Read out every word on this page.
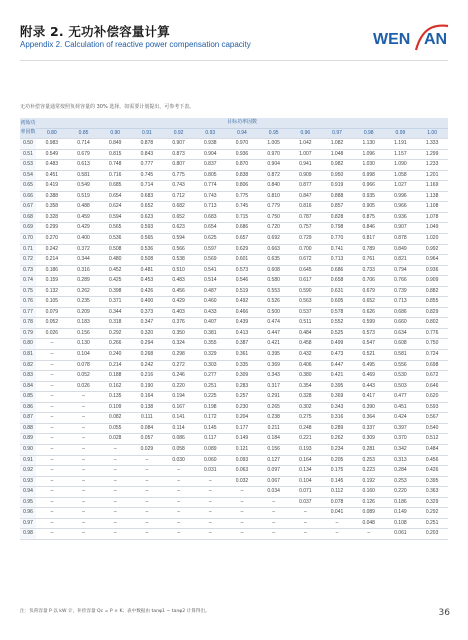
附录 2. 无功补偿容量计算
Appendix 2. Calculation of reactive power compensation capacity	WEN AN
无功补偿容量通常按照负荷容量的 30% 选择。如需要计划提出，可参考下表。
初始功率因数	目标功率因数												
	0.80	0.85	0.90	0.91	0.92	0.93	0.94	0.95	0.96	0.97	0.98	0.99	1.00
0.50	0.983	0.714	0.849	0.878	0.907	0.938	0.970	1.005	1.042	1.082	1.130	1.191	1.333
0.51	0.549	0.679	0.815	0.843	0.873	0.904	0.936	0.970	1.007	1.048	1.096	1.157	1.299
0.53	0.483	0.613	0.748	0.777	0.807	0.837	0.870	0.904	0.941	0.982	1.030	1.090	1.233
0.54	0.451	0.581	0.716	0.745	0.775	0.805	0.838	0.872	0.909	0.950	0.998	1.058	1.201
0.65	0.419	0.549	0.685	0.714	0.743	0.774	0.806	0.840	0.877	0.919	0.966	1.027	1.169
0.66	0.388	0.519	0.654	0.683	0.712	0.743	0.775	0.810	0.847	0.888	0.935	0.996	1.138
0.67	0.358	0.488	0.624	0.652	0.682	0.713	0.745	0.779	0.816	0.857	0.905	0.966	1.108
0.68	0.328	0.459	0.594	0.623	0.652	0.683	0.715	0.750	0.787	0.828	0.875	0.936	1.078
0.69	0.299	0.429	0.565	0.593	0.623	0.654	0.686	0.720	0.757	0.798	0.846	0.907	1.049
0.70	0.270	0.400	0.536	0.565	0.594	0.625	0.657	0.692	0.729	0.770	0.817	0.878	1.020
0.71	0.242	0.372	0.508	0.536	0.566	0.597	0.629	0.663	0.700	0.741	0.789	0.849	0.992
0.72	0.214	0.344	0.480	0.508	0.538	0.569	0.601	0.635	0.672	0.713	0.761	0.821	0.964
0.73	0.186	0.316	0.452	0.481	0.510	0.541	0.573	0.608	0.645	0.686	0.733	0.794	0.936
0.74	0.159	0.289	0.425	0.453	0.483	0.514	0.546	0.580	0.617	0.658	0.706	0.766	0.909
0.75	0.132	0.262	0.398	0.426	0.456	0.487	0.519	0.553	0.590	0.631	0.679	0.739	0.882
0.76	0.105	0.235	0.371	0.400	0.429	0.460	0.492	0.526	0.563	0.605	0.652	0.713	0.855
0.77	0.079	0.209	0.344	0.373	0.403	0.433	0.466	0.500	0.537	0.578	0.626	0.686	0.829
0.78	0.052	0.183	0.318	0.347	0.376	0.407	0.439	0.474	0.511	0.552	0.599	0.660	0.802
0.79	0.026	0.156	0.292	0.320	0.350	0.381	0.413	0.447	0.484	0.525	0.573	0.634	0.776
0.80	–	0.130	0.266	0.294	0.324	0.355	0.387	0.421	0.458	0.499	0.547	0.608	0.750
0.81	–	0.104	0.240	0.268	0.298	0.329	0.361	0.395	0.432	0.473	0.521	0.581	0.724
0.82	–	0.078	0.214	0.242	0.272	0.303	0.335	0.369	0.406	0.447	0.495	0.556	0.698
0.83	–	0.052	0.188	0.216	0.246	0.277	0.309	0.343	0.380	0.421	0.469	0.530	0.672
0.84	–	0.026	0.162	0.190	0.220	0.251	0.283	0.317	0.354	0.395	0.443	0.503	0.646
0.85	–	–	0.135	0.164	0.194	0.225	0.257	0.291	0.328	0.369	0.417	0.477	0.620
0.86	–	–	0.109	0.138	0.167	0.198	0.230	0.265	0.302	0.343	0.390	0.451	0.593
0.87	–	–	0.082	0.111	0.141	0.172	0.204	0.238	0.275	0.316	0.364	0.424	0.567
0.88	–	–	0.055	0.084	0.114	0.145	0.177	0.211	0.248	0.289	0.337	0.397	0.540
0.89	–	–	0.028	0.057	0.086	0.117	0.149	0.184	0.221	0.262	0.309	0.370	0.512
0.90	–	–	–	0.029	0.058	0.089	0.121	0.156	0.193	0.234	0.281	0.342	0.484
0.91	–	–	–	–	0.030	0.060	0.093	0.127	0.164	0.205	0.253	0.313	0.456
0.92	–	–	–	–	–	0.031	0.063	0.097	0.134	0.175	0.223	0.284	0.426
0.93	–	–	–	–	–	–	0.032	0.067	0.104	0.145	0.192	0.253	0.395
0.94	–	–	–	–	–	–	–	0.034	0.071	0.112	0.160	0.220	0.363
0.95	–	–	–	–	–	–	–	–	0.037	0.078	0.126	0.186	0.329
0.96	–	–	–	–	–	–	–	–	–	0.041	0.089	0.149	0.292
0.97	–	–	–	–	–	–	–	–	–	–	0.048	0.108	0.251
0.98	–	–	–	–	–	–	–	–	–	–	–	0.061	0.203
注：负荷容量 P 以 kW 计，补偿容量 Qc = P × K；表中数据由 tanφ1 − tanφ2 计算得出。	36
